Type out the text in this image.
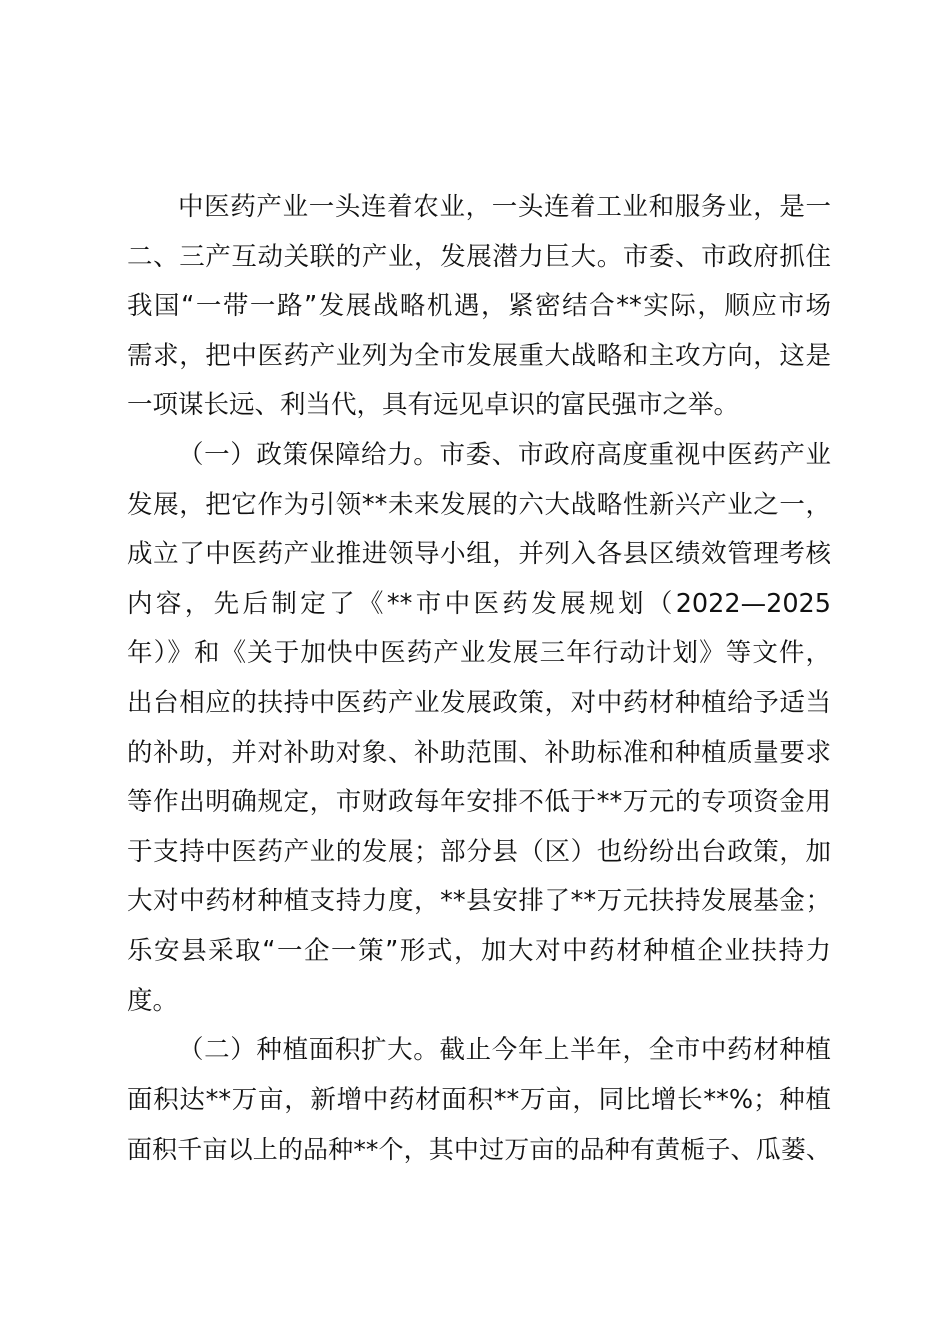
中医药产业一头连着农业，一头连着工业和服务业，是一
二、三产互动关联的产业，发展潜力巨大。市委、市政府抓住
我国“一带一路”发展战略机遇，紧密结合**实际，顺应市场
需求，把中医药产业列为全市发展重大战略和主攻方向，这是
一项谋长远、利当代，具有远见卓识的富民强市之举。
（一）政策保障给力。市委、市政府高度重视中医药产业
发展，把它作为引领**未来发展的六大战略性新兴产业之一，
成立了中医药产业推进领导小组，并列入各县区绩效管理考核
内容，先后制定了《**市中医药发展规划（2022—2025
年）》和《关于加快中医药产业发展三年行动计划》等文件，
出台相应的扶持中医药产业发展政策，对中药材种植给予适当
的补助，并对补助对象、补助范围、补助标准和种植质量要求
等作出明确规定，市财政每年安排不低于**万元的专项资金用
于支持中医药产业的发展；部分县（区）也纷纷出台政策，加
大对中药材种植支持力度，**县安排了**万元扶持发展基金；
乐安县采取“一企一策”形式，加大对中药材种植企业扶持力
度。
（二）种植面积扩大。截止今年上半年，全市中药材种植
面积达**万亩，新增中药材面积**万亩，同比增长**%；种植
面积千亩以上的品种**个，其中过万亩的品种有黄栀子、瓜蒌、
